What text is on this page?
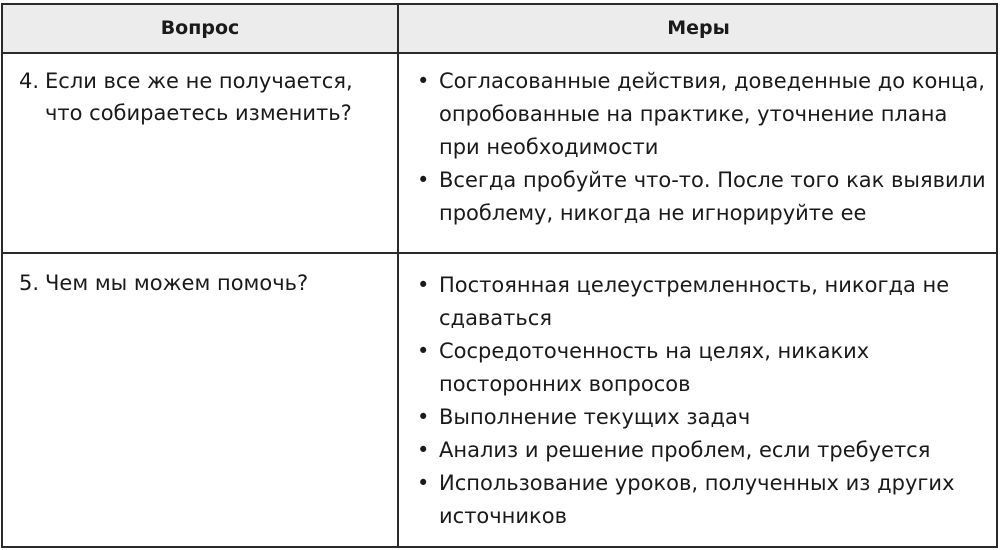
Вопрос	Меры
4. Если все же не получается, что собираетесь изменить?
• Согласованные действия, доведенные до конца, опробованные на практике, уточнение плана при необходимости
• Всегда пробуйте что-то. После того как выявили проблему, никогда не игнорируйте ее
5. Чем мы можем помочь?	• Постоянная целеустремленность, никогда не сдаваться
• Сосредоточенность на целях, никаких посторонних вопросов
• Выполнение текущих задач
• Анализ и решение проблем, если требуется
• Использование уроков, полученных из других источников
